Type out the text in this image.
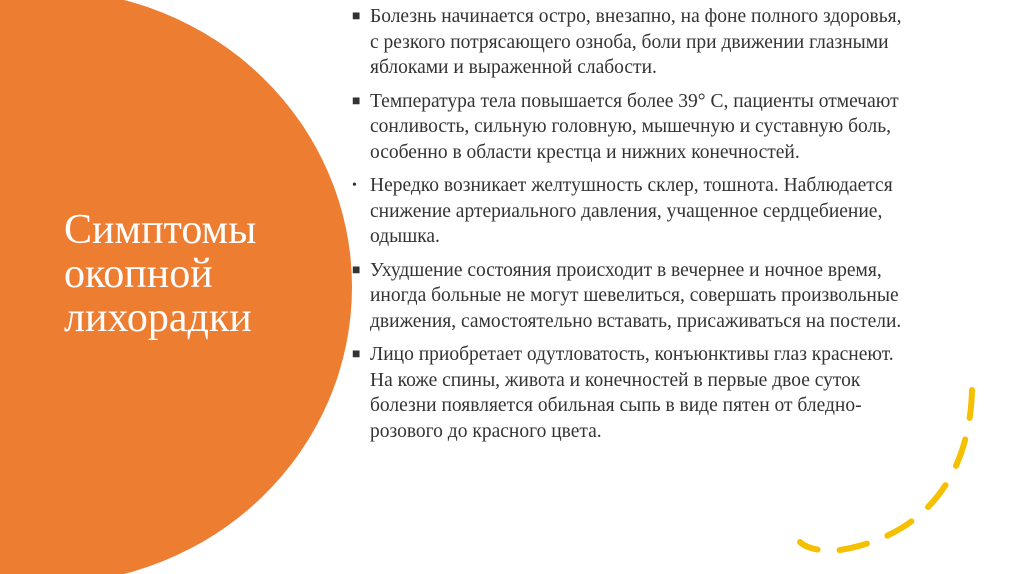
Симптомы окопной лихорадки
■ Болезнь начинается остро, внезапно, на фоне полного здоровья, с резкого потрясающего озноба, боли при движении глазными яблоками и выраженной слабости.
■ Температура тела повышается более 39° С, пациенты отмечают сонливость, сильную головную, мышечную и суставную боль, особенно в области крестца и нижних конечностей.
• Нередко возникает желтушность склер, тошнота. Наблюдается снижение артериального давления, учащенное сердцебиение, одышка.
■ Ухудшение состояния происходит в вечернее и ночное время, иногда больные не могут шевелиться, совершать произвольные движения, самостоятельно вставать, присаживаться на постели.
■ Лицо приобретает одутловатость, конъюнктивы глаз краснеют. На коже спины, живота и конечностей в первые двое суток болезни появляется обильная сыпь в виде пятен от бледно-розового до красного цвета.
